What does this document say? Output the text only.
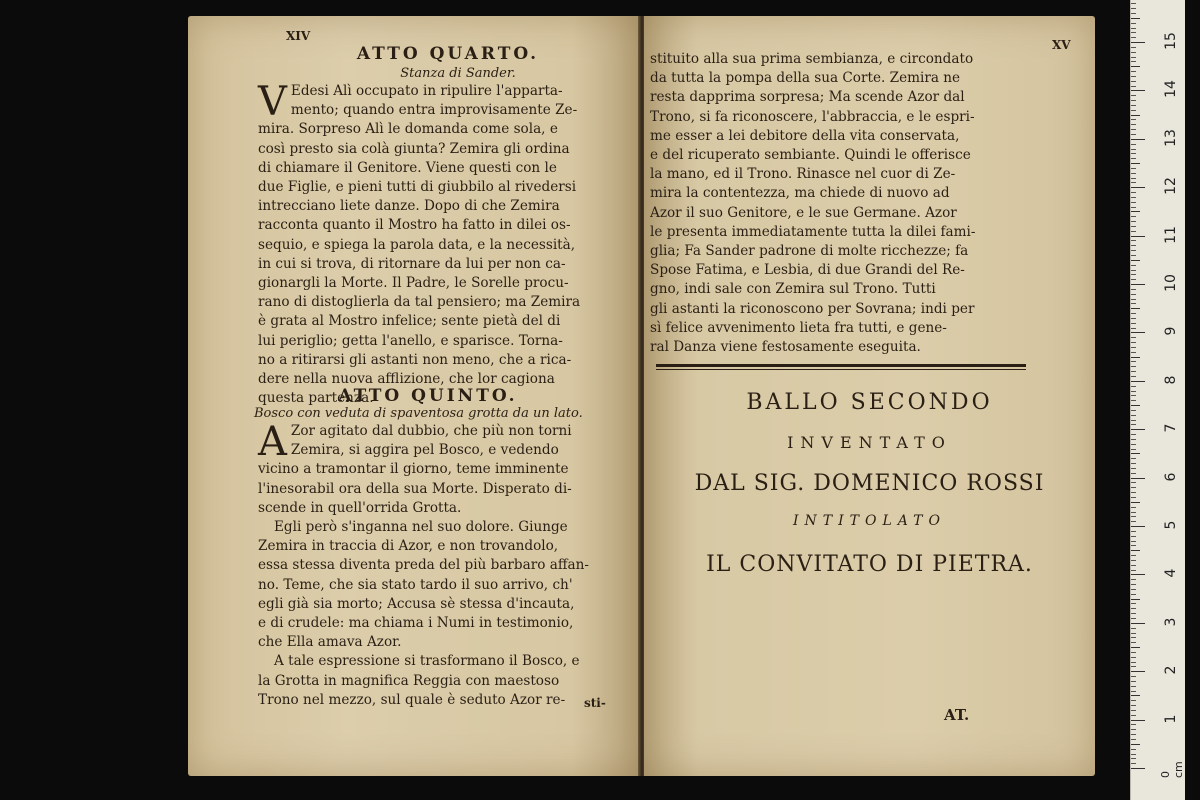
XIV
ATTO QUARTO.
Stanza di Sander.
V Edesi Alì occupato in ripulire l'apparta-
mento; quando entra improvisamente Ze-
mira. Sorpreso Alì le domanda come sola, e
così presto sia colà giunta? Zemira gli ordina
di chiamare il Genitore. Viene questi con le
due Figlie, e pieni tutti di giubbilo al rivedersi
intrecciano liete danze. Dopo di che Zemira
racconta quanto il Mostro ha fatto in dilei os-
sequio, e spiega la parola data, e la necessità,
in cui si trova, di ritornare da lui per non ca-
gionargli la Morte. Il Padre, le Sorelle procu-
rano di distoglierla da tal pensiero; ma Zemira
è grata al Mostro infelice; sente pietà del di
lui periglio; getta l'anello, e sparisce. Torna-
no a ritirarsi gli astanti non meno, che a rica-
dere nella nuova afflizione, che lor cagiona
questa partenza.
ATTO QUINTO.
Bosco con veduta di spaventosa grotta da un lato.
A Zor agitato dal dubbio, che più non torni
Zemira, si aggira pel Bosco, e vedendo
vicino a tramontar il giorno, teme imminente
l'inesorabil ora della sua Morte. Disperato di-
scende in quell'orrida Grotta.
Egli però s'inganna nel suo dolore. Giunge
Zemira in traccia di Azor, e non trovandolo,
essa stessa diventa preda del più barbaro affan-
no. Teme, che sia stato tardo il suo arrivo, ch'
egli già sia morto; Accusa sè stessa d'incauta,
e di crudele: ma chiama i Numi in testimonio,
che Ella amava Azor.
A tale espressione si trasformano il Bosco, e
la Grotta in magnifica Reggia con maestoso
Trono nel mezzo, sul quale è seduto Azor re-	sti-
XV
stituito alla sua prima sembianza, e circondato
da tutta la pompa della sua Corte. Zemira ne
resta dapprima sorpresa; Ma scende Azor dal
Trono, si fa riconoscere, l'abbraccia, e le espri-
me esser a lei debitore della vita conservata,
e del ricuperato sembiante. Quindi le offerisce
la mano, ed il Trono. Rinasce nel cuor di Ze-
mira la contentezza, ma chiede di nuovo ad
Azor il suo Genitore, e le sue Germane. Azor
le presenta immediatamente tutta la dilei fami-
glia; Fa Sander padrone di molte ricchezze; fa
Spose Fatima, e Lesbia, di due Grandi del Re-
gno, indi sale con Zemira sul Trono. Tutti
gli astanti la riconoscono per Sovrana; indi per
sì felice avvenimento lieta fra tutti, e gene-
ral Danza viene festosamente eseguita.
BALLO SECONDO
INVENTATO
DAL SIG. DOMENICO ROSSI
INTITOLATO
IL CONVITATO DI PIETRA.
AT.
0 cm
1
2
3
4
5
6
7
8
9
10
11
12
13
14
15
